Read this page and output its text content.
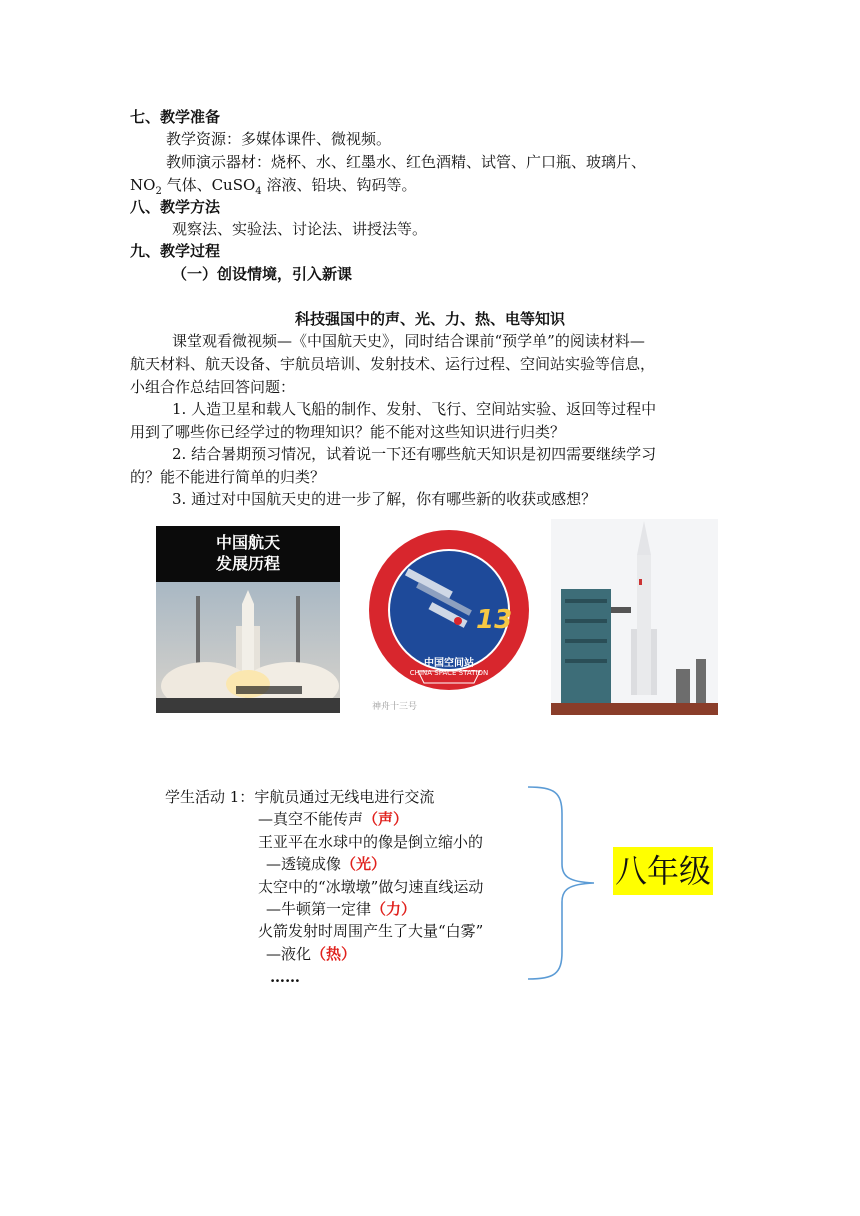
七、教学准备
教学资源：多媒体课件、微视频。
教师演示器材：烧杯、水、红墨水、红色酒精、试管、广口瓶、玻璃片、
$NO_2$ 气体、CuSO$_4$ 溶液、铅块、钩码等。
八、教学方法
观察法、实验法、讨论法、讲授法等。
九、教学过程
（一）创设情境，引入新课
科技强国中的声、光、力、热、电等知识
课堂观看微视频—《中国航天史》，同时结合课前“预学单”的阅读材料—
航天材料、航天设备、宇航员培训、发射技术、运行过程、空间站实验等信息，
小组合作总结回答问题：
1. 人造卫星和载人飞船的制作、发射、飞行、空间站实验、返回等过程中
用到了哪些你已经学过的物理知识？能不能对这些知识进行归类？
2. 结合暑期预习情况，试着说一下还有哪些航天知识是初四需要继续学习
的？能不能进行简单的归类？
3. 通过对中国航天史的进一步了解，你有哪些新的收获或感想？
中国航天
发展历程
13
中国空间站
CHINA SPACE STATION
神舟十三号
学生活动 1：宇航员通过无线电进行交流
—真空不能传声（声）
王亚平在水球中的像是倒立缩小的
—透镜成像（光）
太空中的“冰墩墩”做匀速直线运动
—牛顿第一定律（力）
火箭发射时周围产生了大量“白雾”
—液化（热）
……
八年级
